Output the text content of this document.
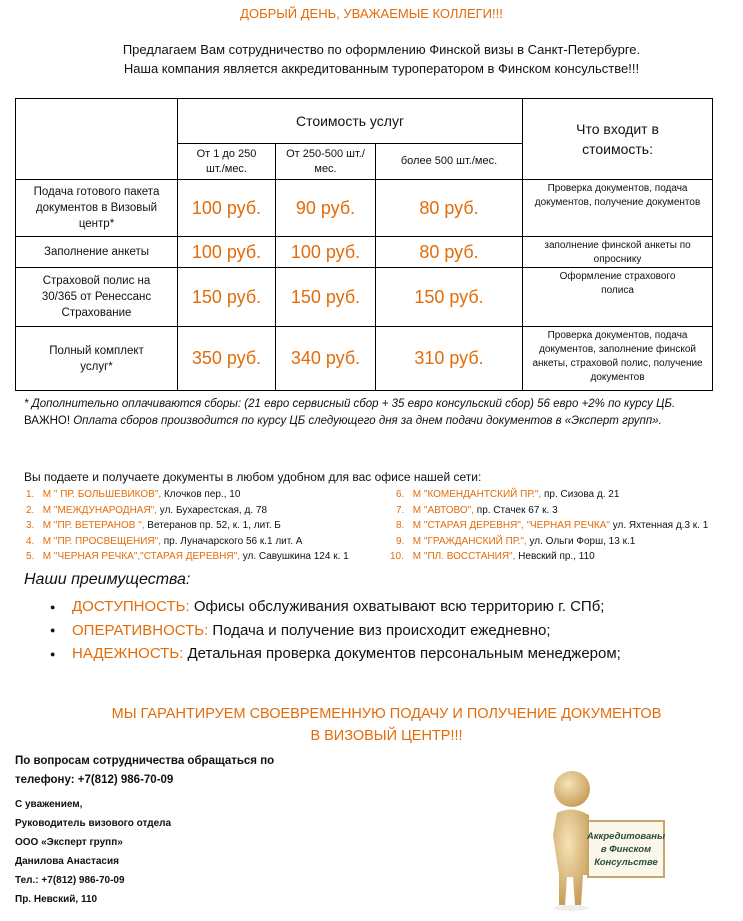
ДОБРЫЙ ДЕНЬ, УВАЖАЕМЫЕ КОЛЛЕГИ!!!
Предлагаем Вам сотрудничество по оформлению Финской визы в Санкт-Петербурге.
Наша компания является аккредитованным туроператором в Финском консульстве!!!
	Стоимость услуг			Что входит в стоимость:

	От 1 до 250 шт./мес.	От 250-500 шт./мес.	более 500 шт./мес.	

Подача готового пакета документов в Визовый центр*	100 руб.	90 руб.	80 руб.	Проверка документов, подача документов, получение документов
Заполнение анкеты	100 руб.	100 руб.	80 руб.	заполнение финской анкеты по опроснику

Страховой полис на 30/365 от Ренессанс Страхование	150 руб.	150 руб.	150 руб.	Оформление страхового полиса

Полный комплект услуг*	350 руб.	340 руб.	310 руб.	Проверка документов, подача документов, заполнение финской анкеты, страховой полис, получение документов
* Дополнительно оплачиваются сборы: (21 евро сервисный сбор + 35 евро консульский сбор) 56 евро +2% по курсу ЦБ.
ВАЖНО! Оплата сборов производится по курсу ЦБ следующего дня за днем подачи документов в «Эксперт групп».
Вы подаете и получаете документы в любом удобном для вас офисе нашей сети:
1. М " ПР. БОЛЬШЕВИКОВ", Клочков пер., 10
2. М "МЕЖДУНАРОДНАЯ", ул. Бухарестская, д. 78
3. М "ПР. ВЕТЕРАНОВ ", Ветеранов пр. 52, к. 1, лит. Б
4. М "ПР. ПРОСВЕЩЕНИЯ", пр. Луначарского 56 к.1 лит. А
5. М "ЧЕРНАЯ РЕЧКА","СТАРАЯ ДЕРЕВНЯ", ул. Савушкина 124 к. 1
6. М "КОМЕНДАНТСКИЙ ПР.", пр. Сизова д. 21
7. М "АВТОВО", пр. Стачек 67 к. 3
8. М "СТАРАЯ ДЕРЕВНЯ", "ЧЕРНАЯ РЕЧКА" ул. Яхтенная д.3 к. 1
9. М "ГРАЖДАНСКИЙ ПР.", ул. Ольги Форш, 13 к.1
10. М "ПЛ. ВОССТАНИЯ", Невский пр., 110
Наши преимущества:
● ДОСТУПНОСТЬ: Офисы обслуживания охватывают всю территорию г. СПб;
● ОПЕРАТИВНОСТЬ: Подача и получение виз происходит ежедневно;
● НАДЕЖНОСТЬ: Детальная проверка документов персональным менеджером;
МЫ ГАРАНТИРУЕМ СВОЕВРЕМЕННУЮ ПОДАЧУ И ПОЛУЧЕНИЕ ДОКУМЕНТОВ
В ВИЗОВЫЙ ЦЕНТР!!!
По вопросам сотрудничества обращаться по
телефону: +7(812) 986-70-09
С уважением,
Руководитель визового отдела
ООО «Эксперт групп»
Данилова Анастасия
Тел.: +7(812) 986-70-09
Пр. Невский, 110
Аккредитованы
в Финском
Консульстве
